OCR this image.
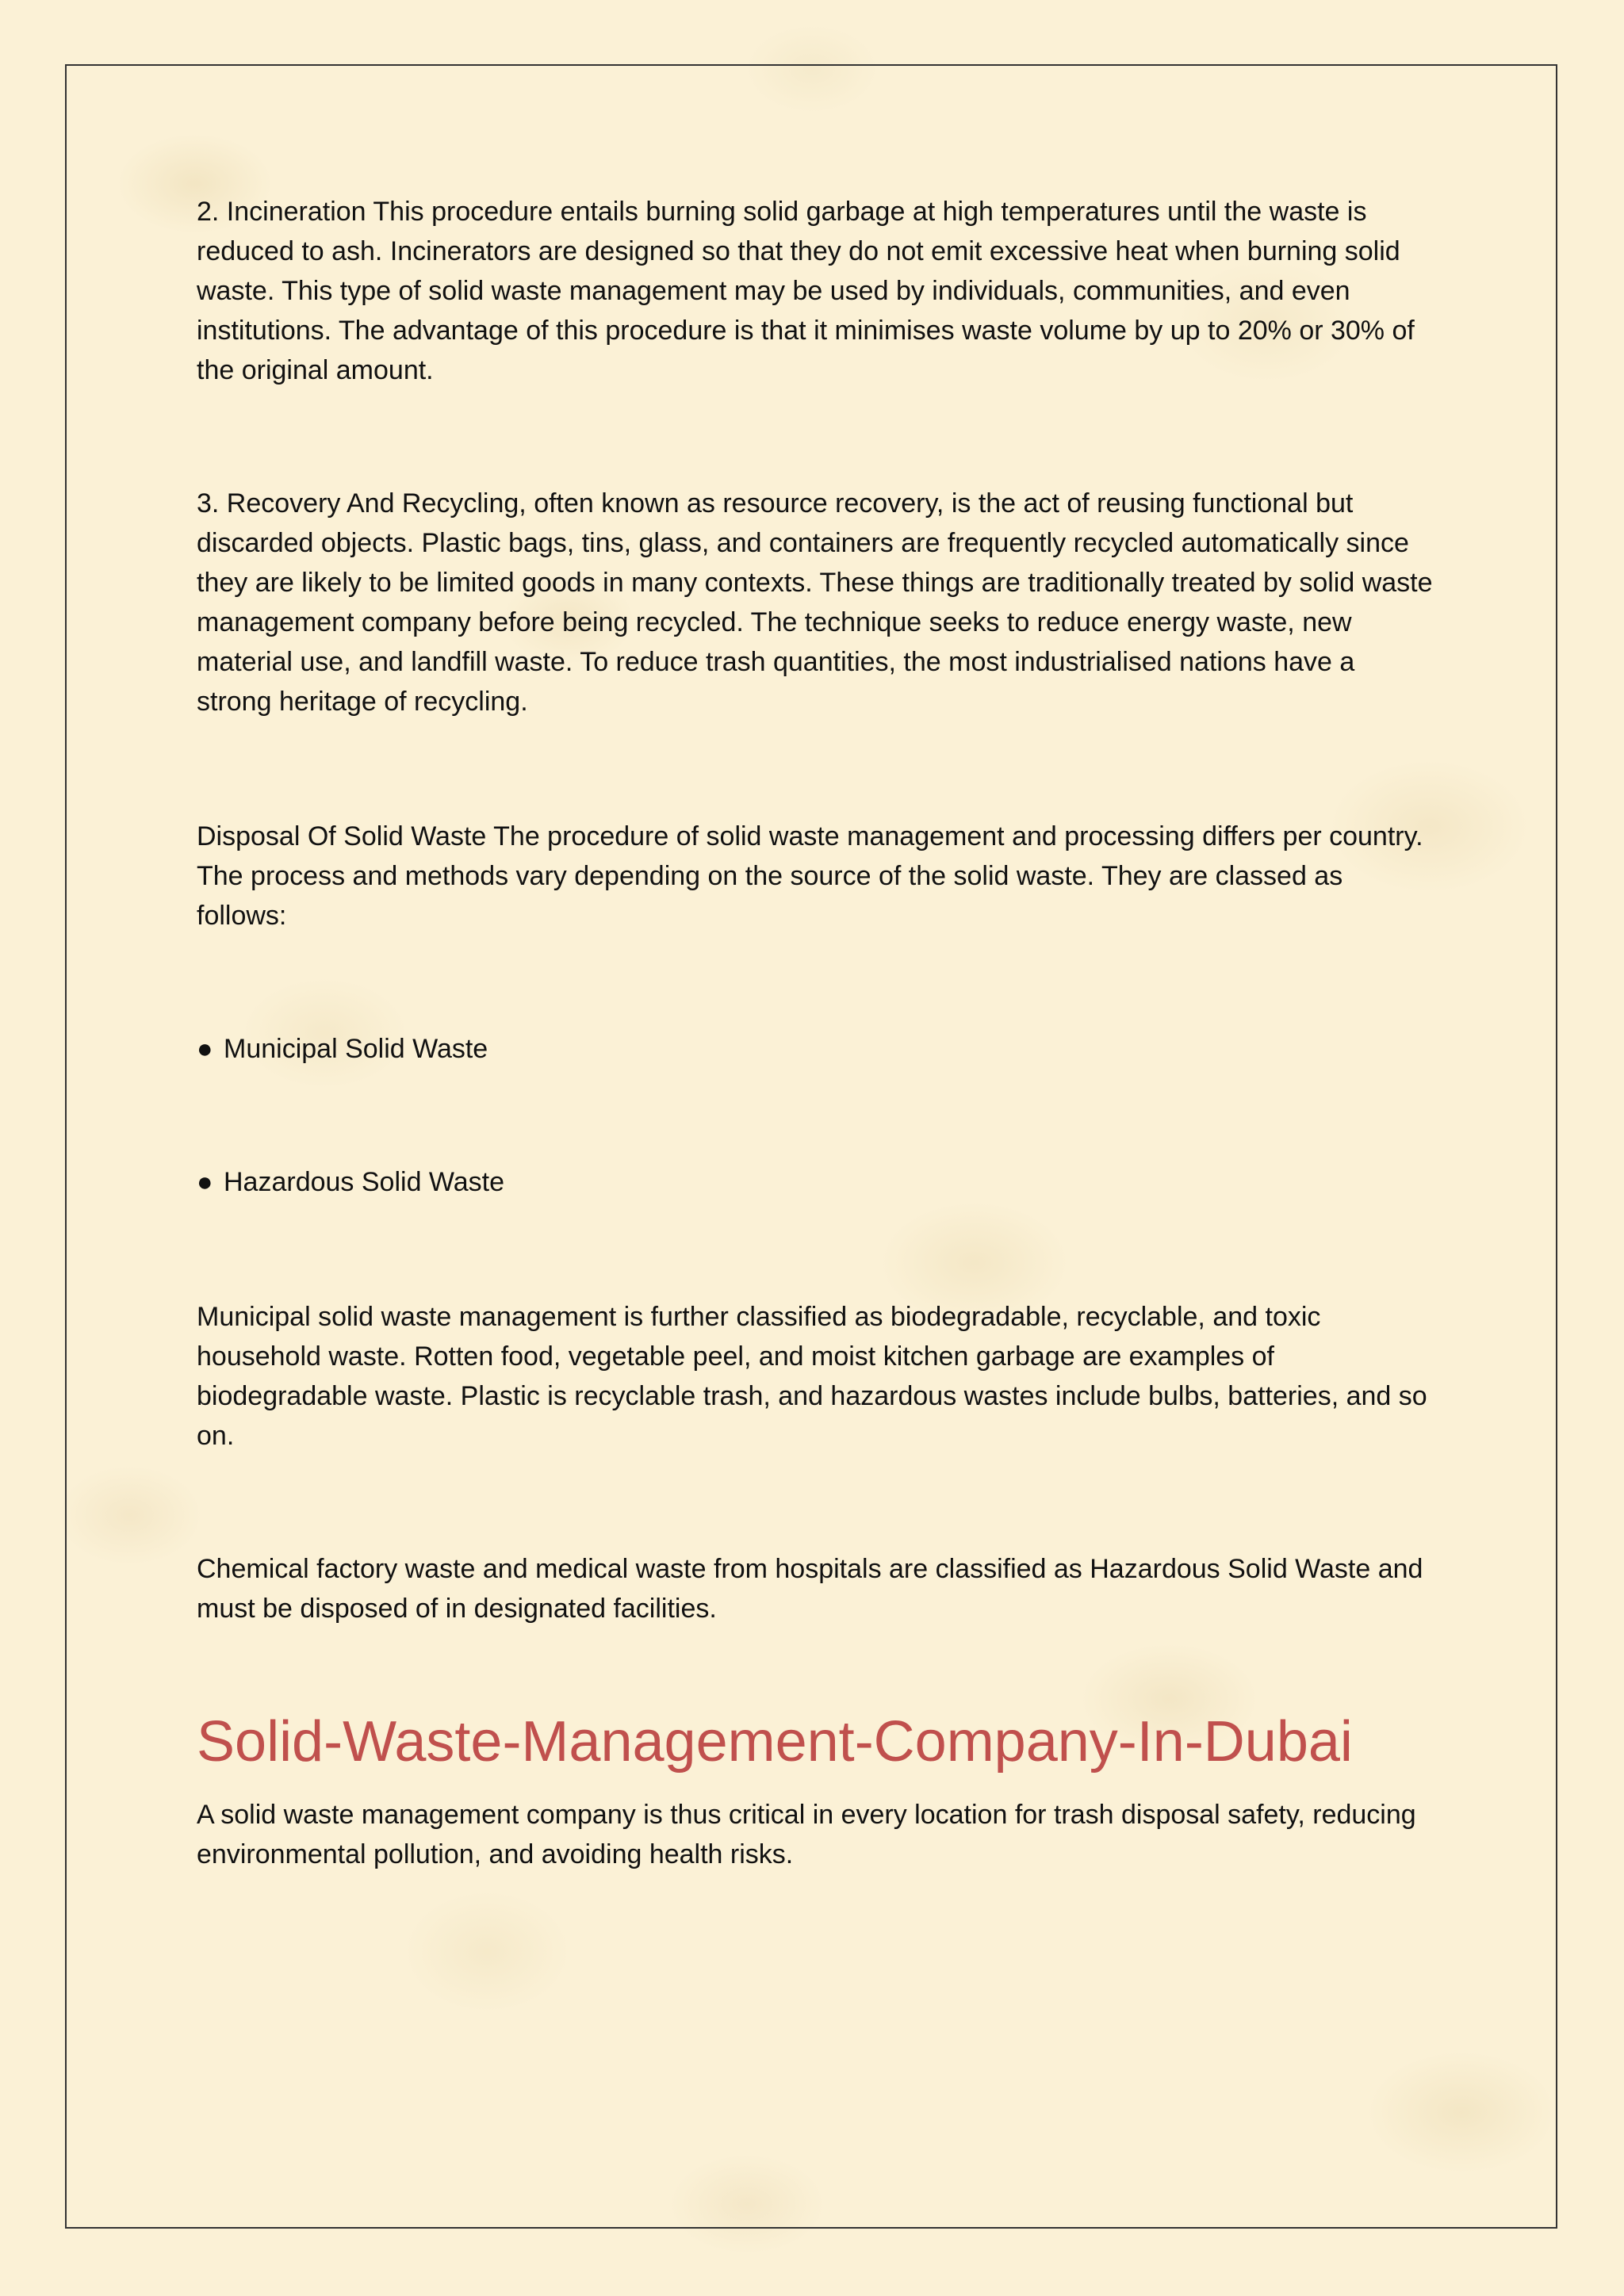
2. Incineration This procedure entails burning solid garbage at high temperatures until the waste is reduced to ash. Incinerators are designed so that they do not emit excessive heat when burning solid waste. This type of solid waste management may be used by individuals, communities, and even institutions. The advantage of this procedure is that it minimises waste volume by up to 20% or 30% of the original amount.

3. Recovery And Recycling, often known as resource recovery, is the act of reusing functional but discarded objects. Plastic bags, tins, glass, and containers are frequently recycled automatically since they are likely to be limited goods in many contexts. These things are traditionally treated by solid waste management company before being recycled. The technique seeks to reduce energy waste, new material use, and landfill waste. To reduce trash quantities, the most industrialised nations have a strong heritage of recycling.

Disposal Of Solid Waste The procedure of solid waste management and processing differs per country. The process and methods vary depending on the source of the solid waste. They are classed as follows:

● Municipal Solid Waste

● Hazardous Solid Waste

Municipal solid waste management is further classified as biodegradable, recyclable, and toxic household waste. Rotten food, vegetable peel, and moist kitchen garbage are examples of biodegradable waste. Plastic is recyclable trash, and hazardous wastes include bulbs, batteries, and so on.

Chemical factory waste and medical waste from hospitals are classified as Hazardous Solid Waste and must be disposed of in designated facilities.

Solid-Waste-Management-Company-In-Dubai

A solid waste management company is thus critical in every location for trash disposal safety, reducing environmental pollution, and avoiding health risks.
